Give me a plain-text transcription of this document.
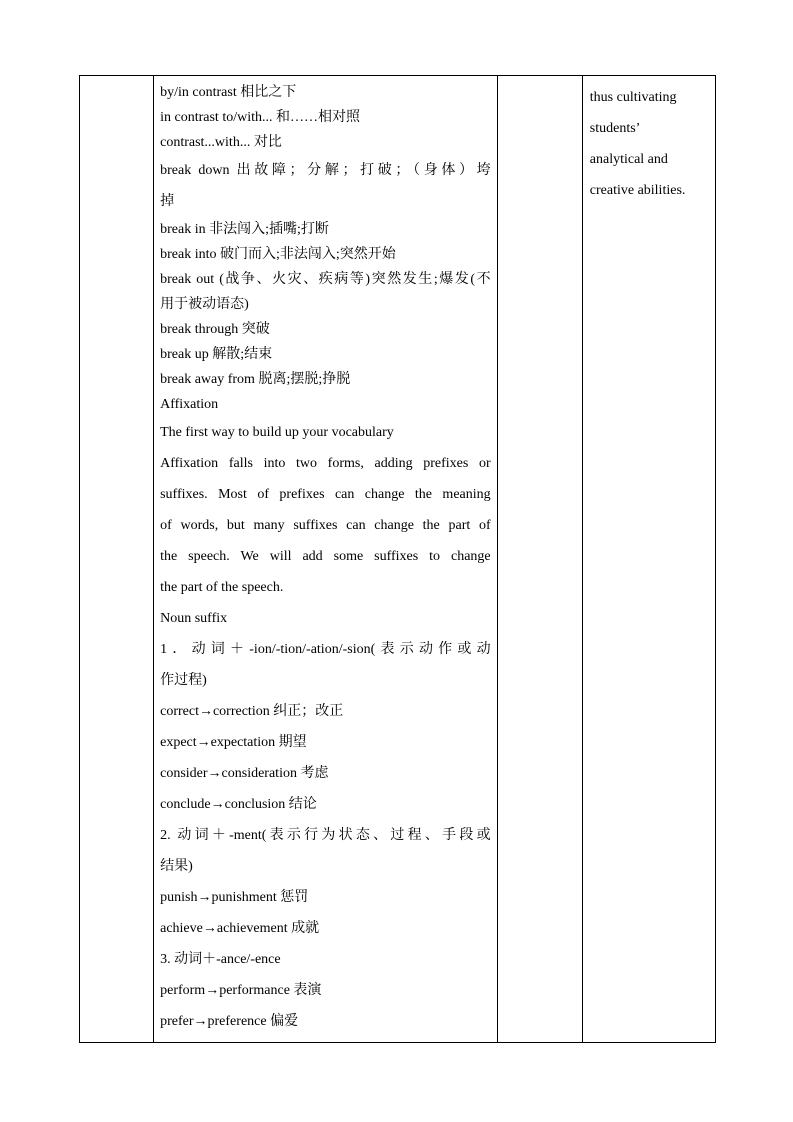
by/in contrast 相比之下
in contrast to/with... 和……相对照
contrast...with... 对比
break down 出故障；分解；打破；（身体）垮
掉
break in 非法闯入;插嘴;打断
break into 破门而入;非法闯入;突然开始
break out (战争、火灾、疾病等)突然发生;爆发(不
用于被动语态)
break through 突破
break up 解散;结束
break away from 脱离;摆脱;挣脱
Affixation
The first way to build up your vocabulary
Affixation falls into two forms, adding prefixes or
suffixes. Most of prefixes can change the meaning
of words, but many suffixes can change the part of
the speech. We will add some suffixes to change
the part of the speech.
Noun suffix
1．动词＋-ion/-tion/-ation/-sion(表示动作或动
作过程)
correct→correction 纠正；改正
expect→expectation 期望
consider→consideration 考虑
conclude→conclusion 结论
2. 动词＋-ment(表示行为状态、过程、手段或
结果)
punish→punishment 惩罚
achieve→achievement 成就
3. 动词＋-ance/-ence
perform→performance 表演
prefer→preference 偏爱

thus cultivating
students’
analytical and
creative abilities.
